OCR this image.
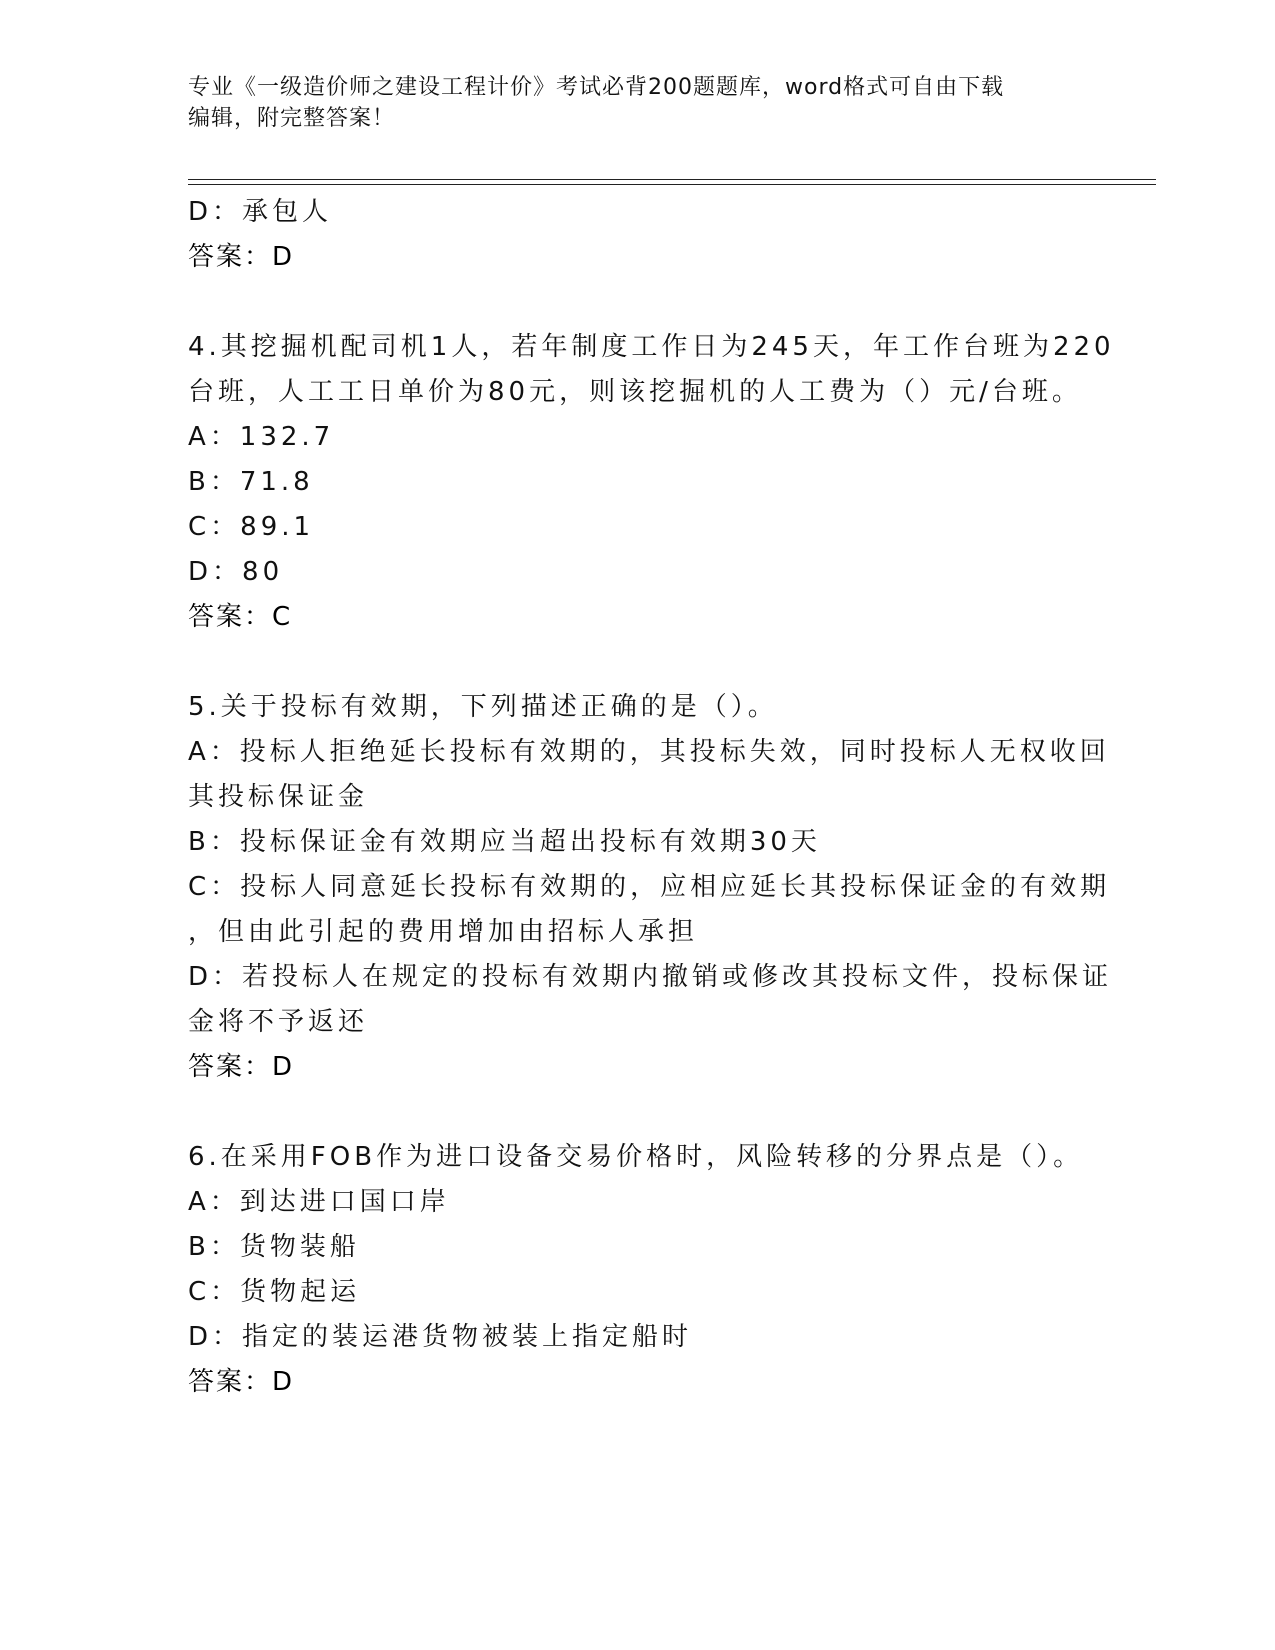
专业《一级造价师之建设工程计价》考试必背200题题库，word格式可自由下载
编辑，附完整答案！
D：承包人
答案：D
4.其挖掘机配司机1人，若年制度工作日为245天，年工作台班为220
台班，人工工日单价为80元，则该挖掘机的人工费为（）元/台班。
A：132.7
B：71.8
C：89.1
D：80
答案：C
5.关于投标有效期，下列描述正确的是（）。
A：投标人拒绝延长投标有效期的，其投标失效，同时投标人无权收回
其投标保证金
B：投标保证金有效期应当超出投标有效期30天
C：投标人同意延长投标有效期的，应相应延长其投标保证金的有效期
，但由此引起的费用增加由招标人承担
D：若投标人在规定的投标有效期内撤销或修改其投标文件，投标保证
金将不予返还
答案：D
6.在采用FOB作为进口设备交易价格时，风险转移的分界点是（）。
A：到达进口国口岸
B：货物装船
C：货物起运
D：指定的装运港货物被装上指定船时
答案：D
